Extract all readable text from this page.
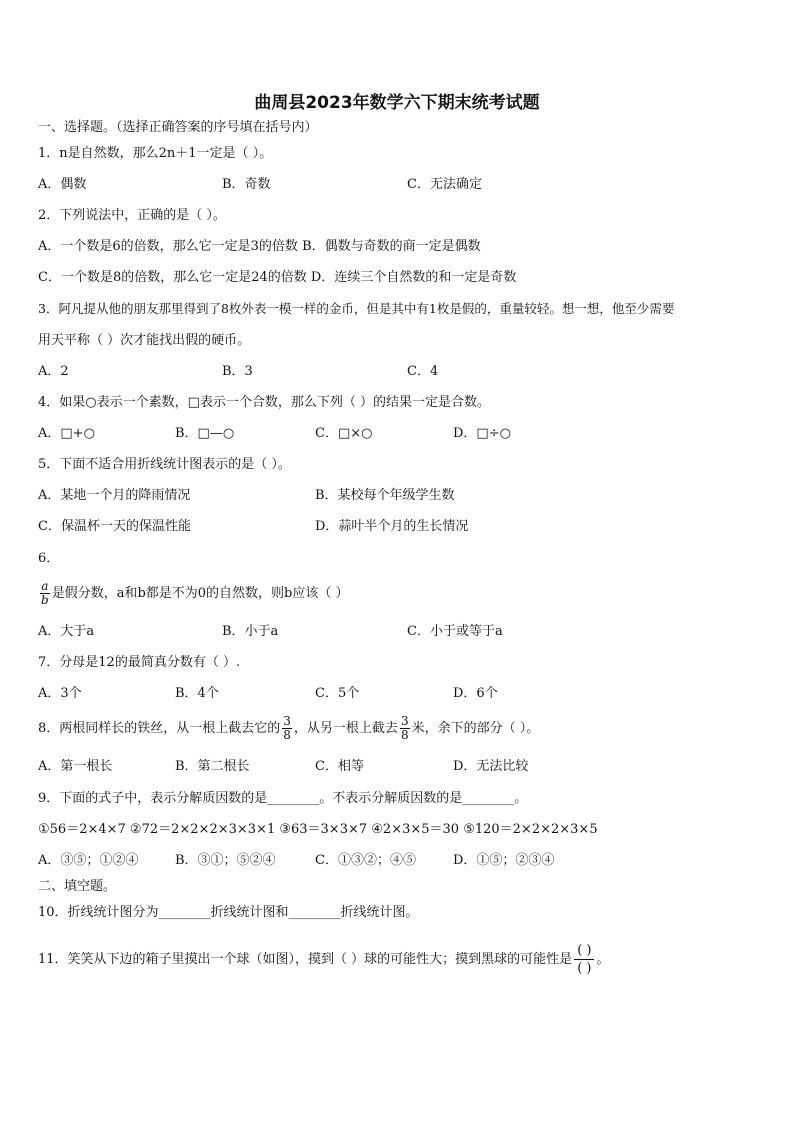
曲周县2023年数学六下期末统考试题
一、选择题。（选择正确答案的序号填在括号内）
1．n是自然数，那么2n＋1一定是（ ）。
A．偶数	B．奇数	C．无法确定
2．下列说法中，正确的是（ ）。
A．一个数是6的倍数，那么它一定是3的倍数 B．偶数与奇数的商一定是偶数
C．一个数是8的倍数，那么它一定是24的倍数 D．连续三个自然数的和一定是奇数
3．阿凡提从他的朋友那里得到了8枚外表一模一样的金币，但是其中有1枚是假的，重量较轻。想一想，他至少需要
用天平称（ ）次才能找出假的硬币。
A．2	B．3	C．4
4．如果○表示一个素数，□表示一个合数，那么下列（ ）的结果一定是合数。
A．□+○	B．□—○	C．□×○	D．□÷○
5．下面不适合用折线统计图表示的是（ ）。
A．某地一个月的降雨情况	B．某校每个年级学生数
C．保温杯一天的保温性能	D．蒜叶半个月的生长情况
6．
$\frac{a}{b}$ 是假分数，a和b都是不为0的自然数，则b应该（ ）
A．大于a	B．小于a	C．小于或等于a
7．分母是12的最简真分数有（ ）.
A．3个	B．4个	C．5个	D．6个
8．两根同样长的铁丝，从一根上截去它的 $\frac{3}{8}$ ，从另一根上截去 $\frac{3}{8}$ 米，余下的部分（ ）。
A．第一根长	B．第二根长	C．相等	D．无法比较
9．下面的式子中，表示分解质因数的是________。不表示分解质因数的是________。
①56＝2×4×7 ②72＝2×2×2×3×3×1 ③63＝3×3×7 ④2×3×5＝30 ⑤120＝2×2×2×3×5
A．③⑤；①②④	B．③①；⑤②④	C．①③②；④⑤	D．①⑤；②③④
二、填空题。
10．折线统计图分为________折线统计图和________折线统计图。
11．笑笑从下边的箱子里摸出一个球（如图），摸到（ ）球的可能性大；摸到黑球的可能性是 $\frac{( )}{( )}$ 。
